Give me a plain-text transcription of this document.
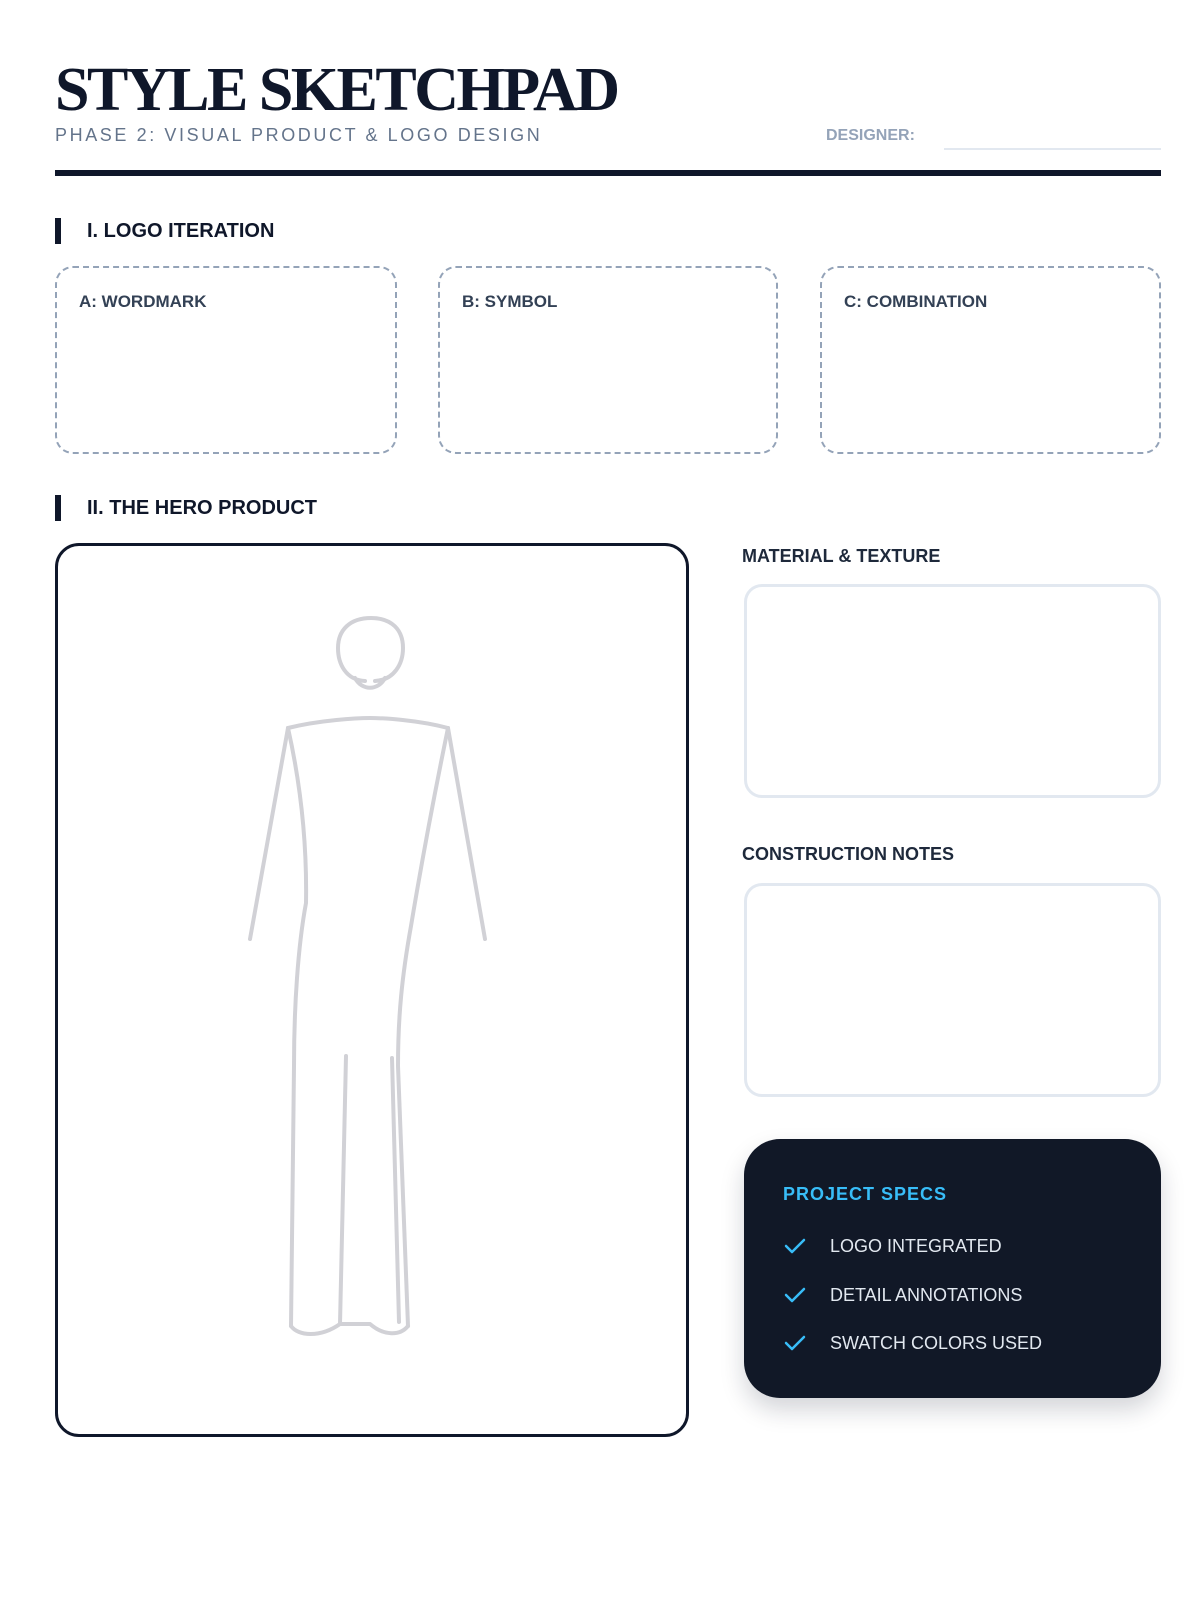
STYLE SKETCHPAD
PHASE 2: VISUAL PRODUCT & LOGO DESIGN	DESIGNER:
I. LOGO ITERATION
A: WORDMARK	B: SYMBOL	C: COMBINATION
II. THE HERO PRODUCT
MATERIAL & TEXTURE
CONSTRUCTION NOTES
PROJECT SPECS
LOGO INTEGRATED
DETAIL ANNOTATIONS
SWATCH COLORS USED
